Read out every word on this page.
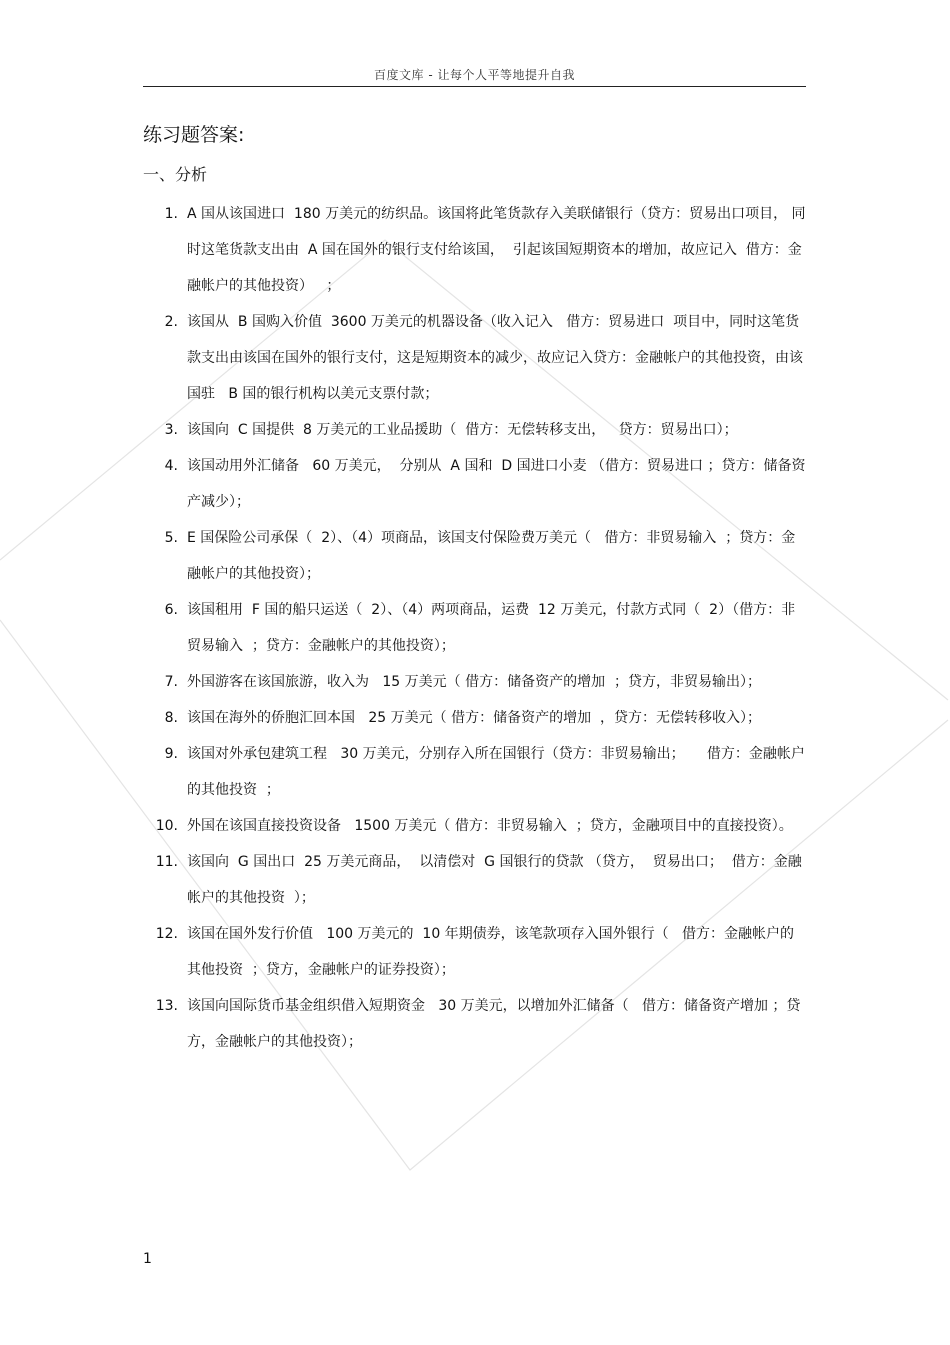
百度文库 - 让每个人平等地提升自我
练习题答案:
一、分析
1. A 国从该国进口  180 万美元的纺织品。该国将此笔货款存入美联储银行（贷方：贸易出口项目， 同时这笔货款支出由  A 国在国外的银行支付给该国，  引起该国短期资本的增加，故应记入  借方：金融帐户的其他投资）   ；
2. 该国从  B 国购入价值  3600 万美元的机器设备（收入记入   借方：贸易进口  项目中，同时这笔货款支出由该国在国外的银行支付，这是短期资本的减少，故应记入贷方：金融帐户的其他投资，由该国驻   B 国的银行机构以美元支票付款；
3. 该国向  C 国提供  8 万美元的工业品援助（  借方：无偿转移支出，   贷方：贸易出口）；
4. 该国动用外汇储备   60 万美元，  分别从  A 国和  D 国进口小麦 （借方：贸易进口 ；贷方：储备资产减少）；
5. E 国保险公司承保（  2）、（4）项商品，该国支付保险费万美元（   借方：非贸易输入  ；贷方：金融帐户的其他投资）；
6. 该国租用  F 国的船只运送（  2）、（4）两项商品，运费  12 万美元，付款方式同（  2）（借方：非贸易输入  ；贷方：金融帐户的其他投资）；
7. 外国游客在该国旅游，收入为   15 万美元（ 借方：储备资产的增加  ；贷方，非贸易输出）；
8. 该国在海外的侨胞汇回本国   25 万美元（ 借方：储备资产的增加  ，贷方：无偿转移收入）；
9. 该国对外承包建筑工程   30 万美元，分别存入所在国银行（贷方：非贸易输出；     借方：金融帐户的其他投资  ；
10. 外国在该国直接投资设备   1500 万美元（ 借方：非贸易输入  ；贷方，金融项目中的直接投资）。
11. 该国向  G 国出口  25 万美元商品，  以清偿对  G 国银行的贷款 （贷方，  贸易出口；  借方：金融帐户的其他投资  ）；
12. 该国在国外发行价值   100 万美元的  10 年期债券，该笔款项存入国外银行（   借方：金融帐户的其他投资  ；贷方，金融帐户的证券投资）；
13. 该国向国际货币基金组织借入短期资金   30 万美元，以增加外汇储备（   借方：储备资产增加 ；贷方，金融帐户的其他投资）；
1
